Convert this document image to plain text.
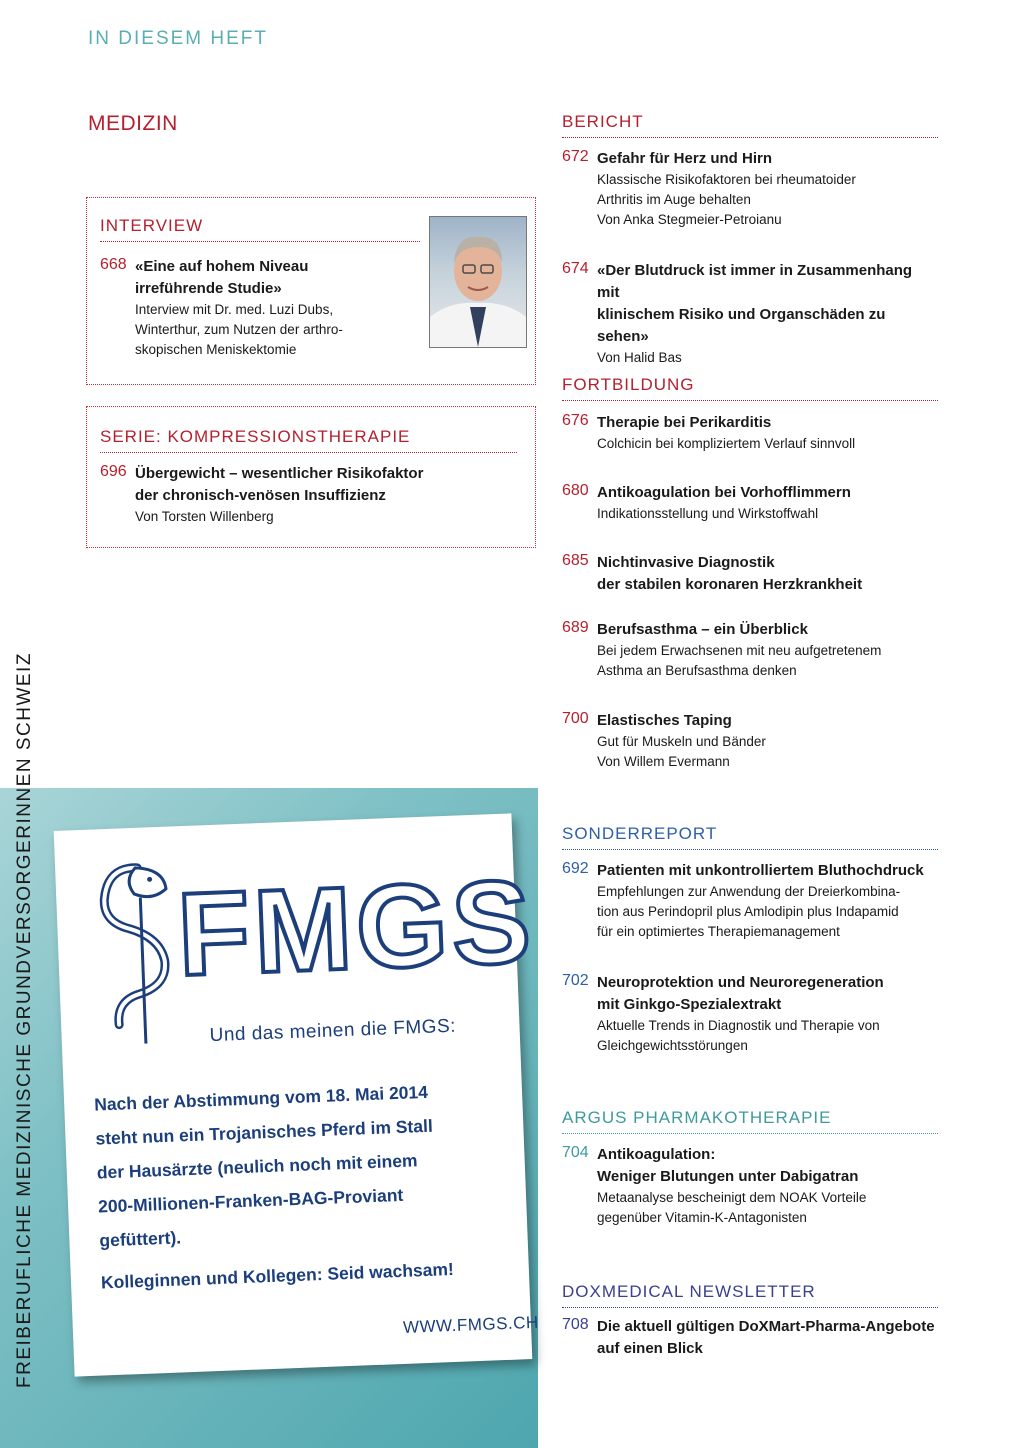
IN DIESEM HEFT
MEDIZIN
INTERVIEW
668 «Eine auf hohem Niveau irreführende Studie»
Interview mit Dr. med. Luzi Dubs,
Winterthur, zum Nutzen der arthro-
skopischen Meniskektomie
SERIE: KOMPRESSIONSTHERAPIE
696 Übergewicht – wesentlicher Risikofaktor
der chronisch-venösen Insuffizienz
Von Torsten Willenberg
BERICHT
672 Gefahr für Herz und Hirn
Klassische Risikofaktoren bei rheumatoider
Arthritis im Auge behalten
Von Anka Stegmeier-Petroianu
674 «Der Blutdruck ist immer in Zusammenhang mit
klinischem Risiko und Organschäden zu sehen»
Von Halid Bas
FORTBILDUNG
676 Therapie bei Perikarditis
Colchicin bei kompliziertem Verlauf sinnvoll
680 Antikoagulation bei Vorhofflimmern
Indikationsstellung und Wirkstoffwahl
685 Nichtinvasive Diagnostik
der stabilen koronaren Herzkrankheit
689 Berufsasthma – ein Überblick
Bei jedem Erwachsenen mit neu aufgetretenem
Asthma an Berufsasthma denken
700 Elastisches Taping
Gut für Muskeln und Bänder
Von Willem Evermann
SONDERREPORT
692 Patienten mit unkontrolliertem Bluthochdruck
Empfehlungen zur Anwendung der Dreierkombina-
tion aus Perindopril plus Amlodipin plus Indapamid
für ein optimiertes Therapiemanagement
702 Neuroprotektion und Neuroregeneration
mit Ginkgo-Spezialextrakt
Aktuelle Trends in Diagnostik und Therapie von
Gleichgewichtsstörungen
ARGUS PHARMAKOTHERAPIE
704 Antikoagulation:
Weniger Blutungen unter Dabigatran
Metaanalyse bescheinigt dem NOAK Vorteile
gegenüber Vitamin-K-Antagonisten
DOXMEDICAL NEWSLETTER
708 Die aktuell gültigen DoXMart-Pharma-Angebote
auf einen Blick
FREIBERUFLICHE MEDIZINISCHE GRUNDVERSORGERINNEN SCHWEIZ FMGS
Und das meinen die FMGS:
Nach der Abstimmung vom 18. Mai 2014
steht nun ein Trojanisches Pferd im Stall
der Hausärzte (neulich noch mit einem
200-Millionen-Franken-BAG-Proviant
gefüttert).
Kolleginnen und Kollegen: Seid wachsam!
WWW.FMGS.CH
